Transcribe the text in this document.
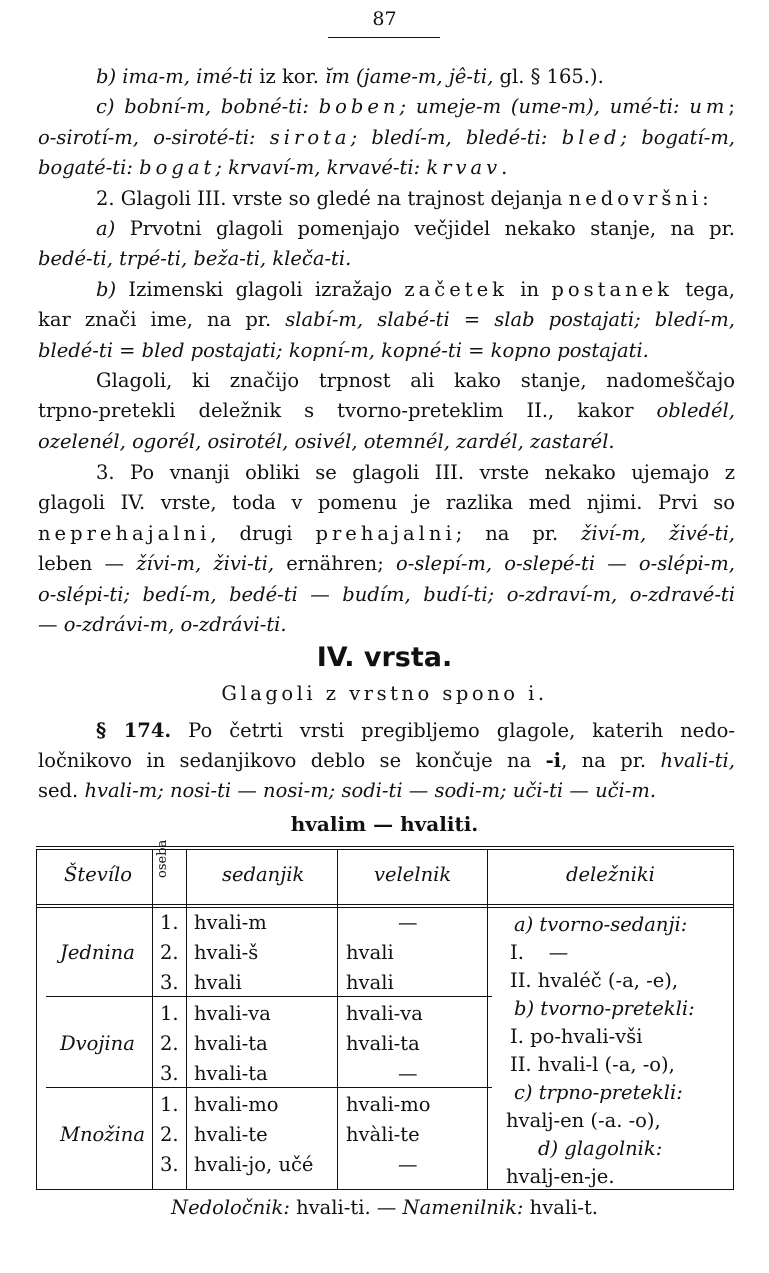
87
b) ima-m, imé-ti iz kor. ĭm (jame-m, jê-ti, gl. § 165.).
c) bobní-m, bobné-ti: boben; umeje-m (ume-m), umé-ti: um;
o-sirotí-m, o-siroté-ti: sirota; bledí-m, bledé-ti: bled; bogatí-m,
bogaté-ti: bogat; krvaví-m, krvavé-ti: krvav.
2. Glagoli III. vrste so gledé na trajnost dejanja nedovršni:
a) Prvotni glagoli pomenjajo večjidel nekako stanje, na pr.
bedé-ti, trpé-ti, beža-ti, kleča-ti.
b) Izimenski glagoli izražajo začetek in postanek tega,
kar znači ime, na pr. slabí-m, slabé-ti = slab postajati; bledí-m,
bledé-ti = bled postajati; kopní-m, kopné-ti = kopno postajati.
Glagoli, ki značijo trpnost ali kako stanje, nadomeščajo
trpno-pretekli deležnik s tvorno-preteklim II., kakor obledél,
ozelenél, ogorél, osirotél, osivél, otemnél, zardél, zastarél.
3. Po vnanji obliki se glagoli III. vrste nekako ujemajo z
glagoli IV. vrste, toda v pomenu je razlika med njimi. Prvi so
neprehajalni, drugi prehajalni; na pr. živí-m, živé-ti,
leben — žívi-m, živi-ti, ernähren; o-slepí-m, o-slepé-ti — o-slépi-m,
o-slépi-ti; bedí-m, bedé-ti — budím, budí-ti; o-zdraví-m, o-zdravé-ti
— o-zdrávi-m, o-zdrávi-ti.
IV. vrsta.
Glagoli z vrstno spono i.
§ 174. Po četrti vrsti pregibljemo glagole, katerih nedo-
ločnikovo in sedanjikovo deblo se končuje na -i, na pr. hvali-ti,
sed. hvali-m; nosi-ti — nosi-m; sodi-ti — sodi-m; uči-ti — uči-m.
hvalim — hvaliti.
Števílo oseba	sedanjik	velelnik	deležniki
Jednina
1. hvali-m	—
2. hvali-š	hvali
3. hvali	hvali
Dvojina
1. hvali-va	hvali-va
2. hvali-ta	hvali-ta
3. hvali-ta	—
Množina
1. hvali-mo	hvali-mo
2. hvali-te	hvàli-te
3. hvali-jo, učé	—
a) tvorno-sedanji:
I.    —
II. hvaléč (-a, -e),
b) tvorno-pretekli:
I. po-hvali-vši
II. hvali-l (-a, -o),
c) trpno-pretekli:
hvalj-en (-a. -o),
d) glagolnik:
hvalj-en-je.
Nedoločnik: hvali-ti. — Namenilnik: hvali-t.
